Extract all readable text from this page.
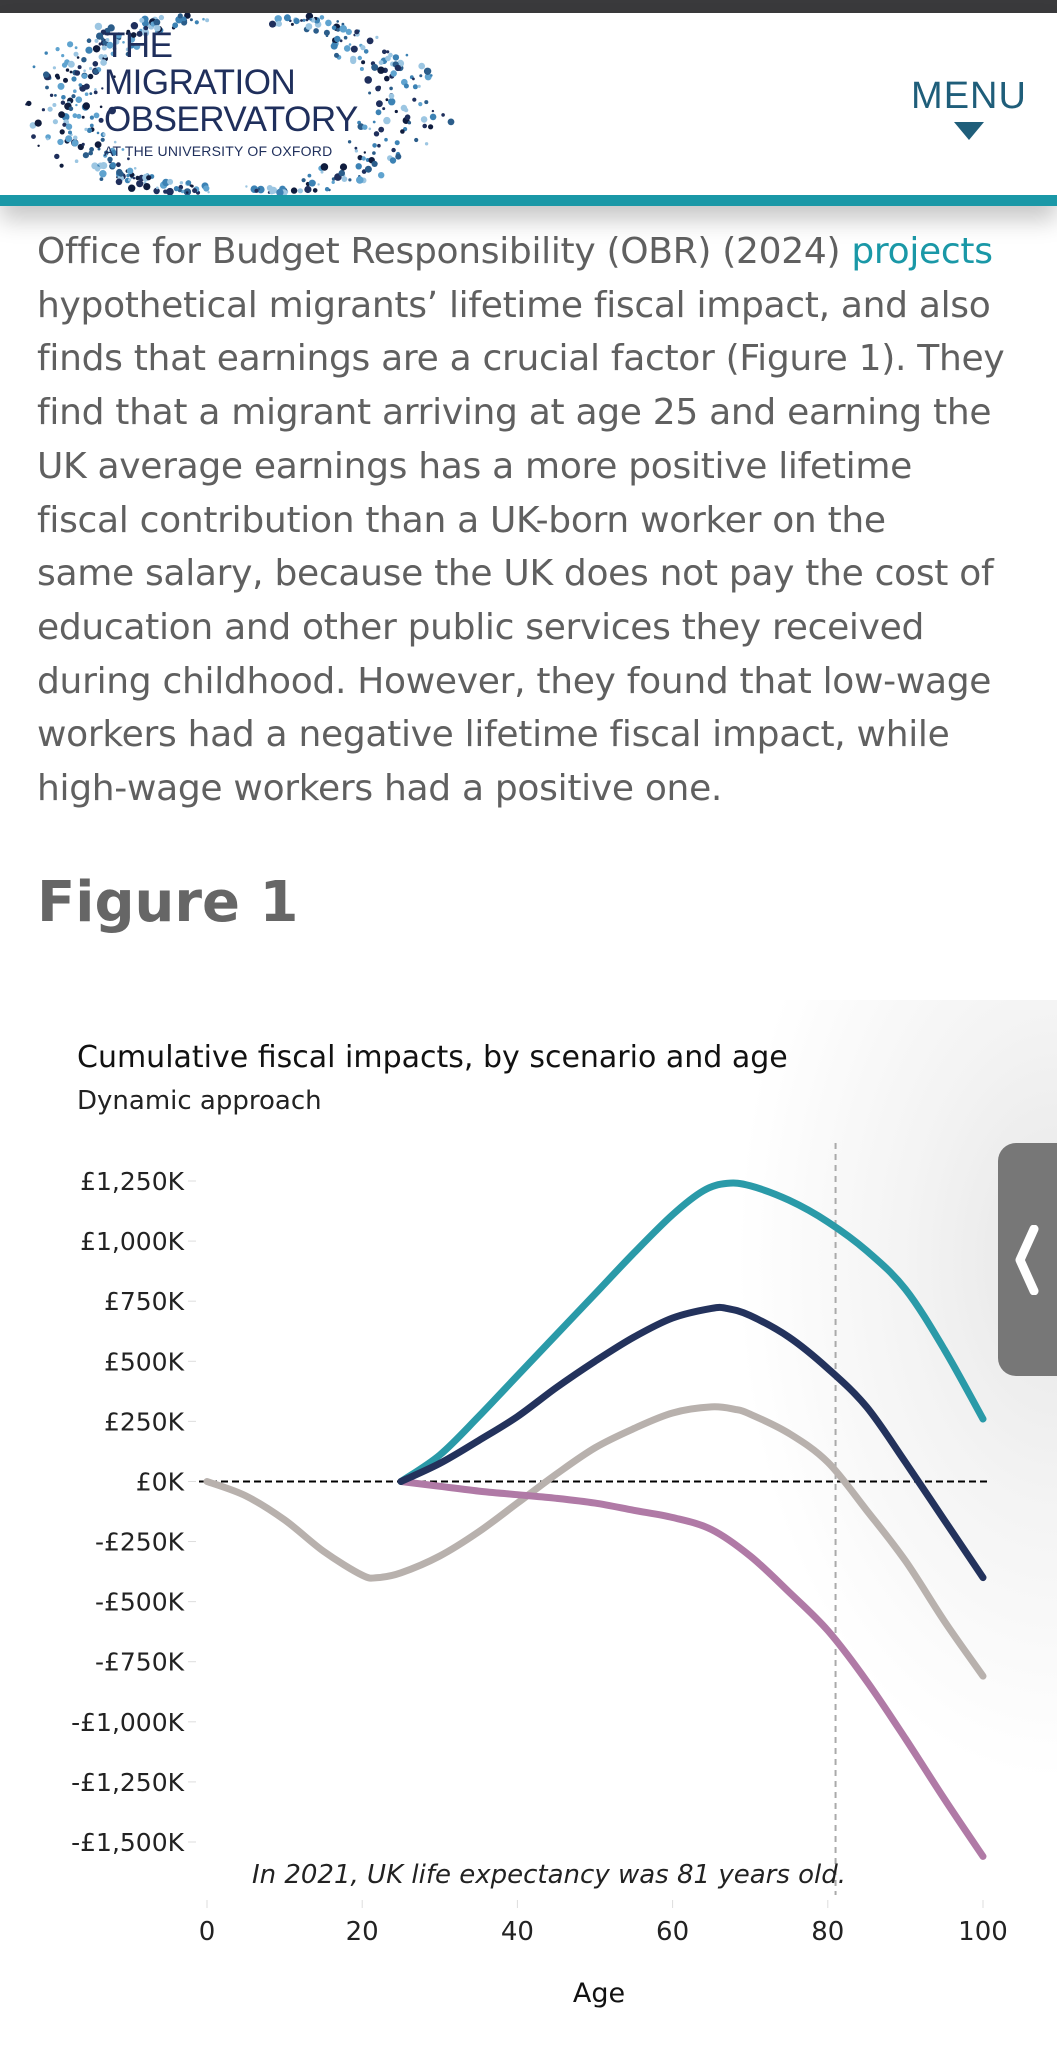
THE
MIGRATION
OBSERVATORY
AT THE UNIVERSITY OF OXFORD
MENU

Office for Budget Responsibility (OBR) (2024) projects
hypothetical migrants’ lifetime fiscal impact, and also
finds that earnings are a crucial factor (Figure 1). They
find that a migrant arriving at age 25 and earning the
UK average earnings has a more positive lifetime
fiscal contribution than a UK-born worker on the
same salary, because the UK does not pay the cost of
education and other public services they received
during childhood. However, they found that low-wage
workers had a negative lifetime fiscal impact, while
high-wage workers had a positive one.

Figure 1
Cumulative fiscal impacts, by scenario and age
Dynamic approach
£1,250K
£1,000K
£750K
£500K
£250K
£0K
-£250K
-£500K
-£750K
-£1,000K
-£1,250K
-£1,500K
0	20	40	60	80	100
Age
In 2021, UK life expectancy was 81 years old.
